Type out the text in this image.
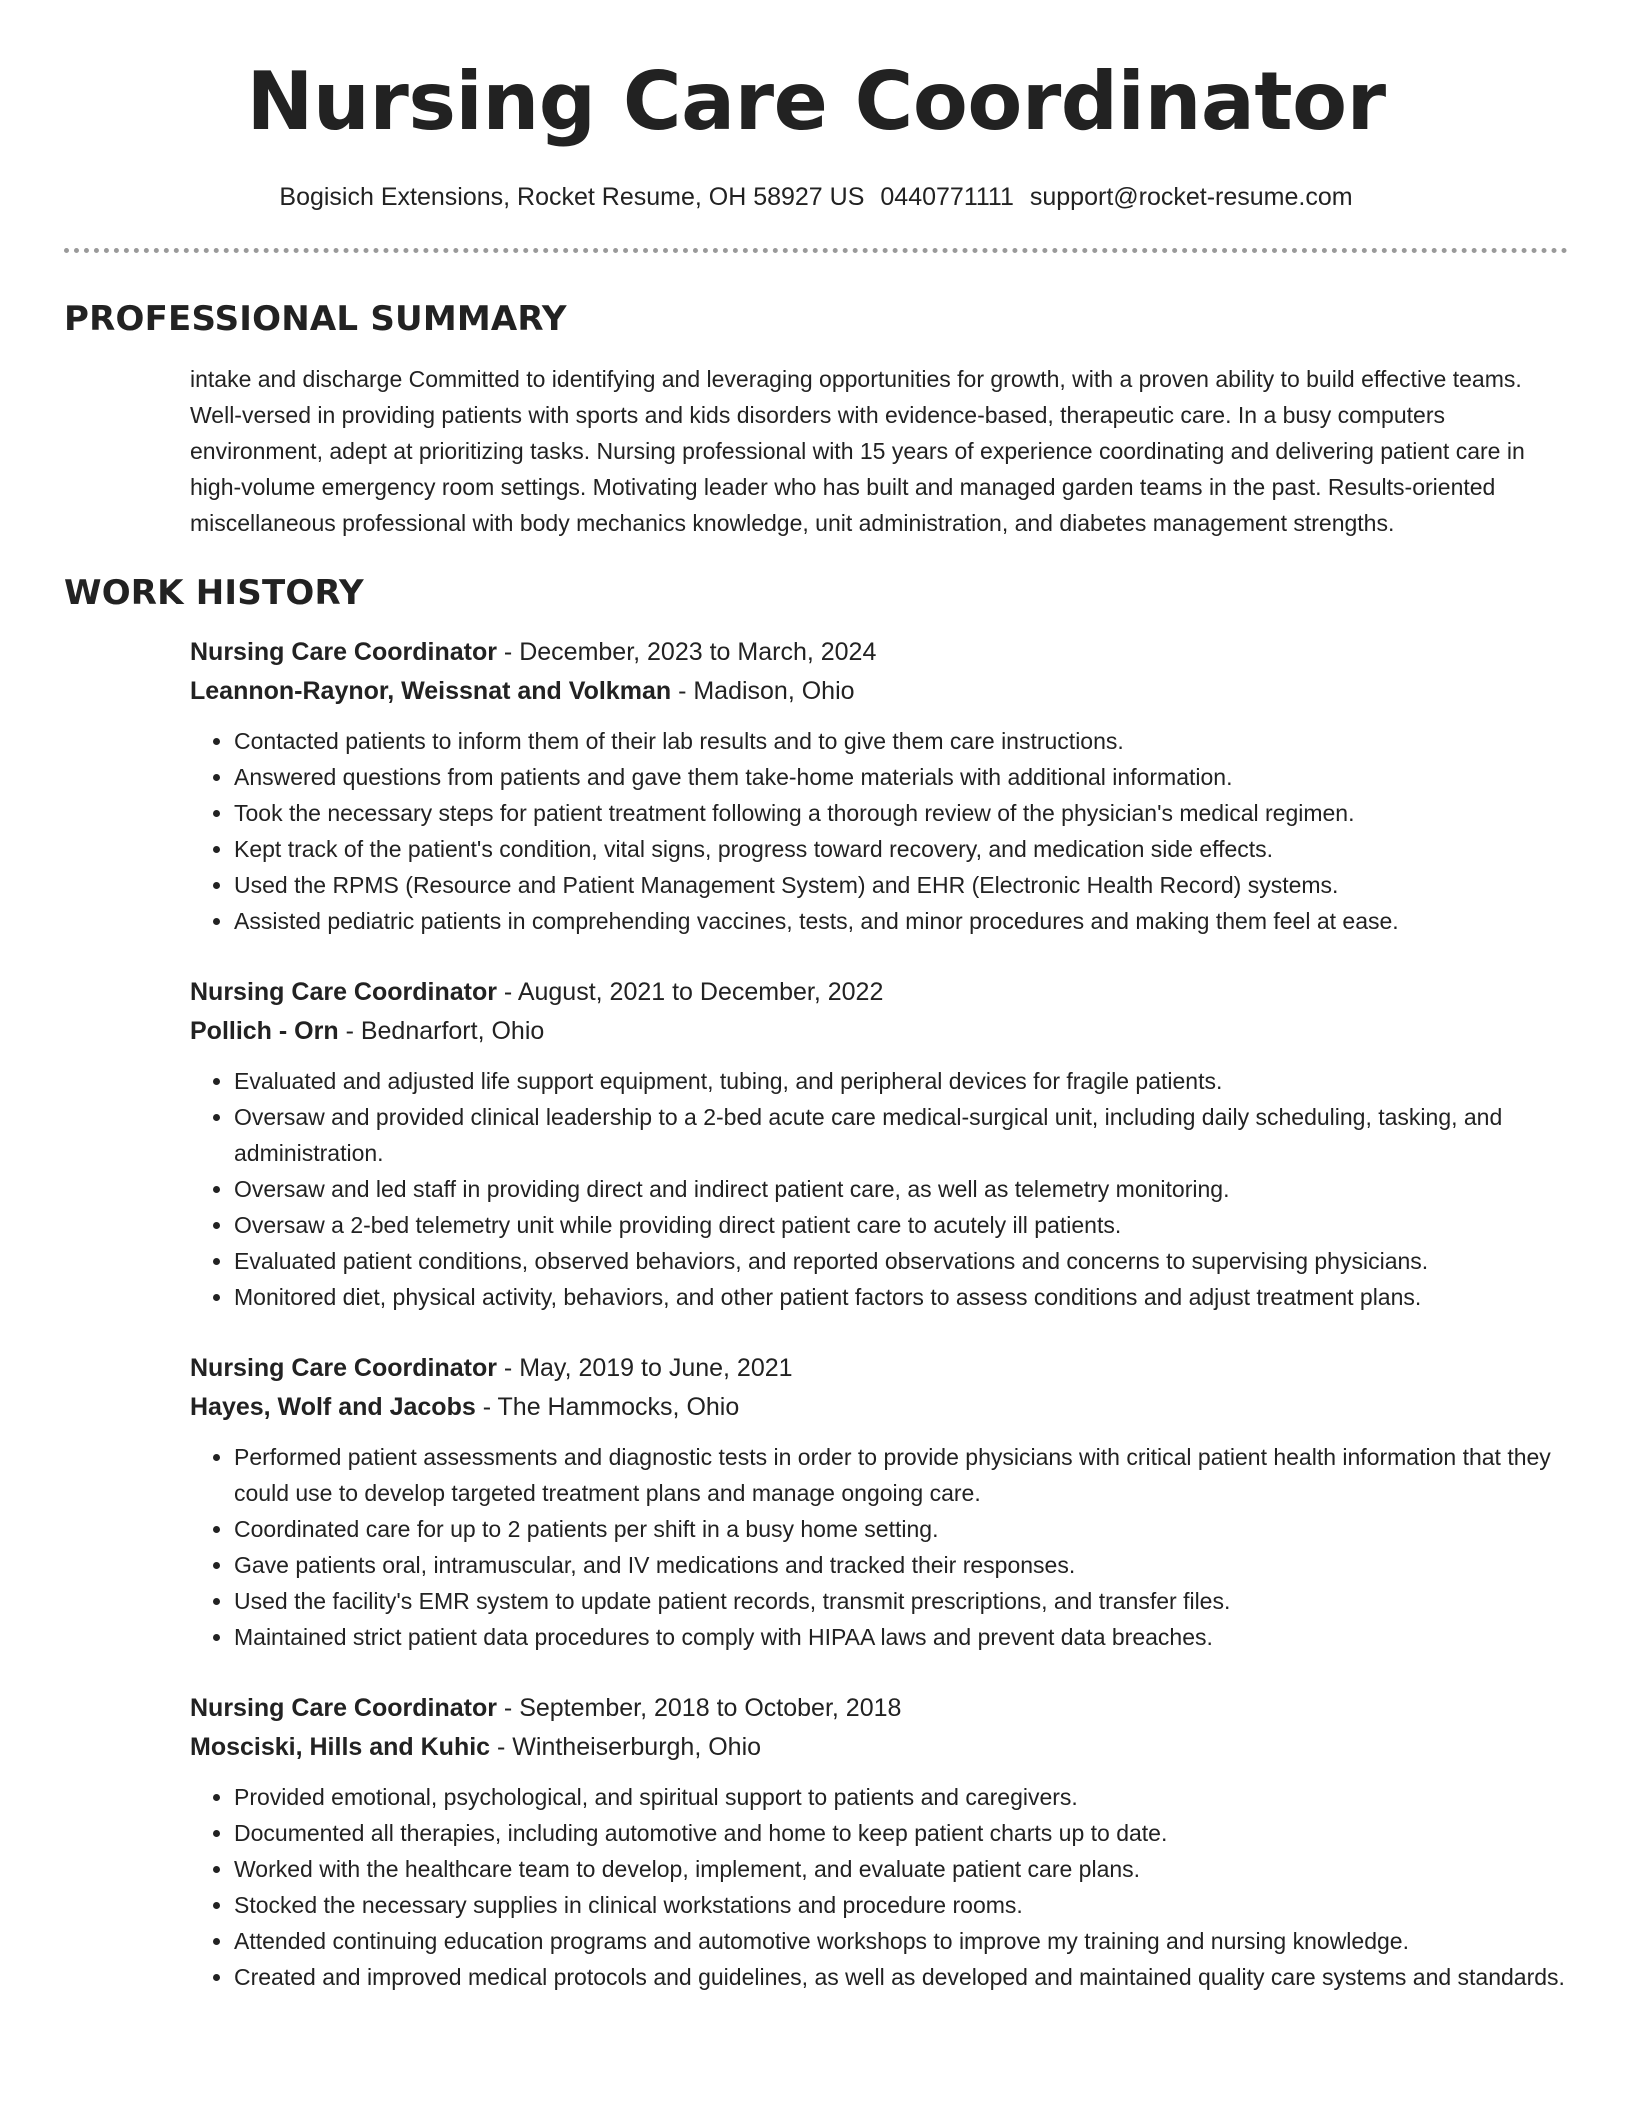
Nursing Care Coordinator
Bogisich Extensions, Rocket Resume, OH 58927 US 0440771111 support@rocket-resume.com
PROFESSIONAL SUMMARY

intake and discharge Committed to identifying and leveraging opportunities for growth, with a proven ability to build effective teams. Well-versed in providing patients with sports and kids disorders with evidence-based, therapeutic care. In a busy computers environment, adept at prioritizing tasks. Nursing professional with 15 years of experience coordinating and delivering patient care in high-volume emergency room settings. Motivating leader who has built and managed garden teams in the past. Results-oriented miscellaneous professional with body mechanics knowledge, unit administration, and diabetes management strengths.

WORK HISTORY
Nursing Care Coordinator - December, 2023 to March, 2024
Leannon-Raynor, Weissnat and Volkman - Madison, Ohio
• Contacted patients to inform them of their lab results and to give them care instructions.
• Answered questions from patients and gave them take-home materials with additional information.
• Took the necessary steps for patient treatment following a thorough review of the physician's medical regimen.
• Kept track of the patient's condition, vital signs, progress toward recovery, and medication side effects.
• Used the RPMS (Resource and Patient Management System) and EHR (Electronic Health Record) systems.
• Assisted pediatric patients in comprehending vaccines, tests, and minor procedures and making them feel at ease.
Nursing Care Coordinator - August, 2021 to December, 2022
Pollich - Orn - Bednarfort, Ohio
• Evaluated and adjusted life support equipment, tubing, and peripheral devices for fragile patients.
• Oversaw and provided clinical leadership to a 2-bed acute care medical-surgical unit, including daily scheduling, tasking, and administration.
• Oversaw and led staff in providing direct and indirect patient care, as well as telemetry monitoring.
• Oversaw a 2-bed telemetry unit while providing direct patient care to acutely ill patients.
• Evaluated patient conditions, observed behaviors, and reported observations and concerns to supervising physicians.
• Monitored diet, physical activity, behaviors, and other patient factors to assess conditions and adjust treatment plans.
Nursing Care Coordinator - May, 2019 to June, 2021
Hayes, Wolf and Jacobs - The Hammocks, Ohio
• Performed patient assessments and diagnostic tests in order to provide physicians with critical patient health information that they could use to develop targeted treatment plans and manage ongoing care.
• Coordinated care for up to 2 patients per shift in a busy home setting.
• Gave patients oral, intramuscular, and IV medications and tracked their responses.
• Used the facility's EMR system to update patient records, transmit prescriptions, and transfer files.
• Maintained strict patient data procedures to comply with HIPAA laws and prevent data breaches.
Nursing Care Coordinator - September, 2018 to October, 2018
Mosciski, Hills and Kuhic - Wintheiserburgh, Ohio
• Provided emotional, psychological, and spiritual support to patients and caregivers.
• Documented all therapies, including automotive and home to keep patient charts up to date.
• Worked with the healthcare team to develop, implement, and evaluate patient care plans.
• Stocked the necessary supplies in clinical workstations and procedure rooms.
• Attended continuing education programs and automotive workshops to improve my training and nursing knowledge.
• Created and improved medical protocols and guidelines, as well as developed and maintained quality care systems and standards.
